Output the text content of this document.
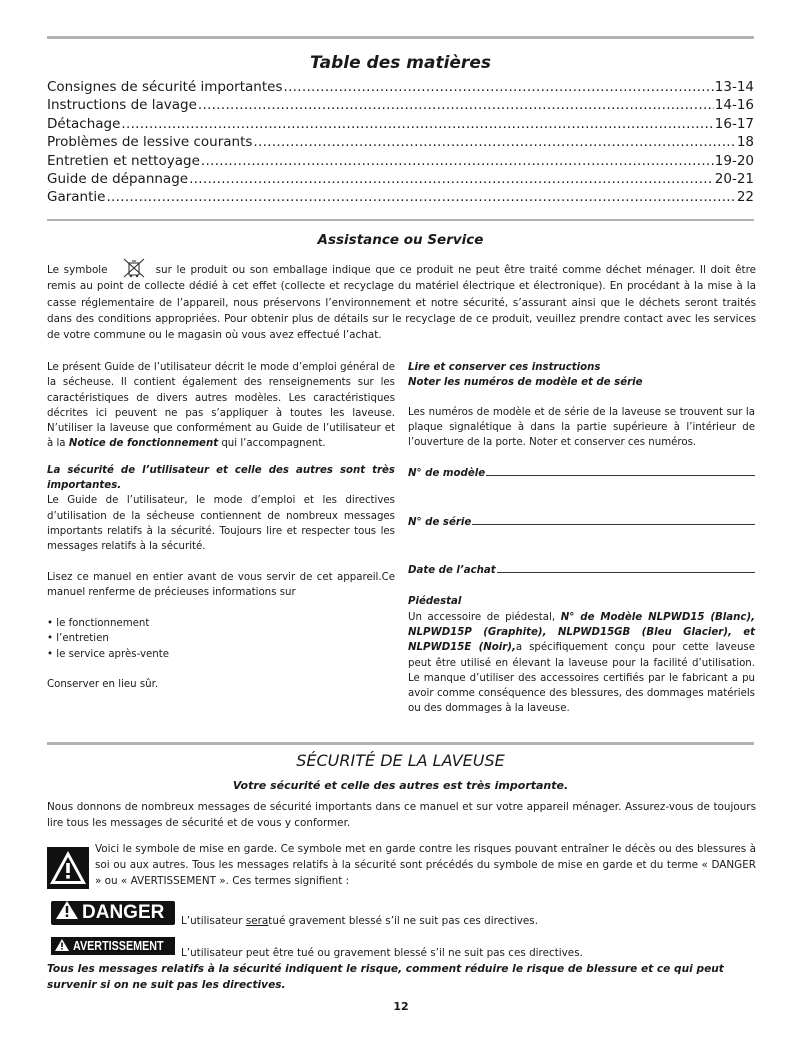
Table des matières
Consignes de sécurité importantes .....	13-14
Instructions de lavage .....	14-16
Détachage .....	16-17
Problèmes de lessive courants .....	18
Entretien et nettoyage .....	19-20
Guide de dépannage .....	20-21
Garantie .....	22
Assistance ou Service
Le symbole	sur le produit ou son emballage indique que ce produit ne peut être traité comme déchet ménager. Il doit être remis au point de collecte dédié à cet effet (collecte et recyclage du matériel électrique et électronique). En procédant à la mise à la casse réglementaire de l’appareil, nous préservons l’environnement et notre sécurité, s’assurant ainsi que le déchets seront traités dans des conditions appropriées. Pour obtenir plus de détails sur le recyclage de ce produit, veuillez prendre contact avec les services de votre commune ou le magasin où vous avez effectué l’achat.

Le présent Guide de l’utilisateur décrit le mode d’emploi général de la sécheuse. Il contient également des renseignements sur les caractéristiques de divers autres modèles. Les caractéristiques décrites ici peuvent ne pas s’appliquer à toutes les laveuse. N’utiliser la laveuse que conformément au Guide de l’utilisateur et à la Notice de fonctionnement qui l’accompagnent.

La sécurité de l’utilisateur et celle des autres sont très importantes.

Le Guide de l’utilisateur, le mode d’emploi et les directives d’utilisation de la sécheuse contiennent de nombreux messages importants relatifs à la sécurité. Toujours lire et respecter tous les messages relatifs à la sécurité.

Lisez ce manuel en entier avant de vous servir de cet appareil.Ce manuel renferme de précieuses informations sur

• le fonctionnement
• l’entretien
• le service après-vente

Conserver en lieu sûr.

Lire et conserver ces instructions
Noter les numéros de modèle et de série

Les numéros de modèle et de série de la laveuse se trouvent sur la plaque signalétique à dans la partie supérieure à l’intérieur de l’ouverture de la porte. Noter et conserver ces numéros.

N° de modèle
N° de série
Date de l’achat
Piédestal

Un accessoire de piédestal, N° de Modèle NLPWD15 (Blanc), NLPWD15P (Graphite), NLPWD15GB (Bleu Glacier), et NLPWD15E (Noir),a spécifiquement conçu pour cette laveuse peut être utilisé en élevant la laveuse pour la facilité d’utilisation. Le manque d’utiliser des accessoires certifiés par le fabricant a pu avoir comme conséquence des blessures, des dommages matériels ou des dommages à la laveuse.

SÉCURITÉ DE LA LAVEUSE
Votre sécurité et celle des autres est très importante.
Nous donnons de nombreux messages de sécurité importants dans ce manuel et sur votre appareil ménager. Assurez-vous de toujours lire tous les messages de sécurité et de vous y conformer.
Voici le symbole de mise en garde. Ce symbole met en garde contre les risques pouvant entraîner le décès ou des blessures à soi ou aux autres. Tous les messages relatifs à la sécurité sont précédés du symbole de mise en garde et du terme « DANGER » ou « AVERTISSEMENT ». Ces termes signifient :
DANGER L’utilisateur seratué gravement blessé s’il ne suit pas ces directives.
AVERTISSEMENT L’utilisateur peut être tué ou gravement blessé s’il ne suit pas ces directives.
Tous les messages relatifs à la sécurité indiquent le risque, comment réduire le risque de blessure et ce qui peut survenir si on ne suit pas les directives.
12
